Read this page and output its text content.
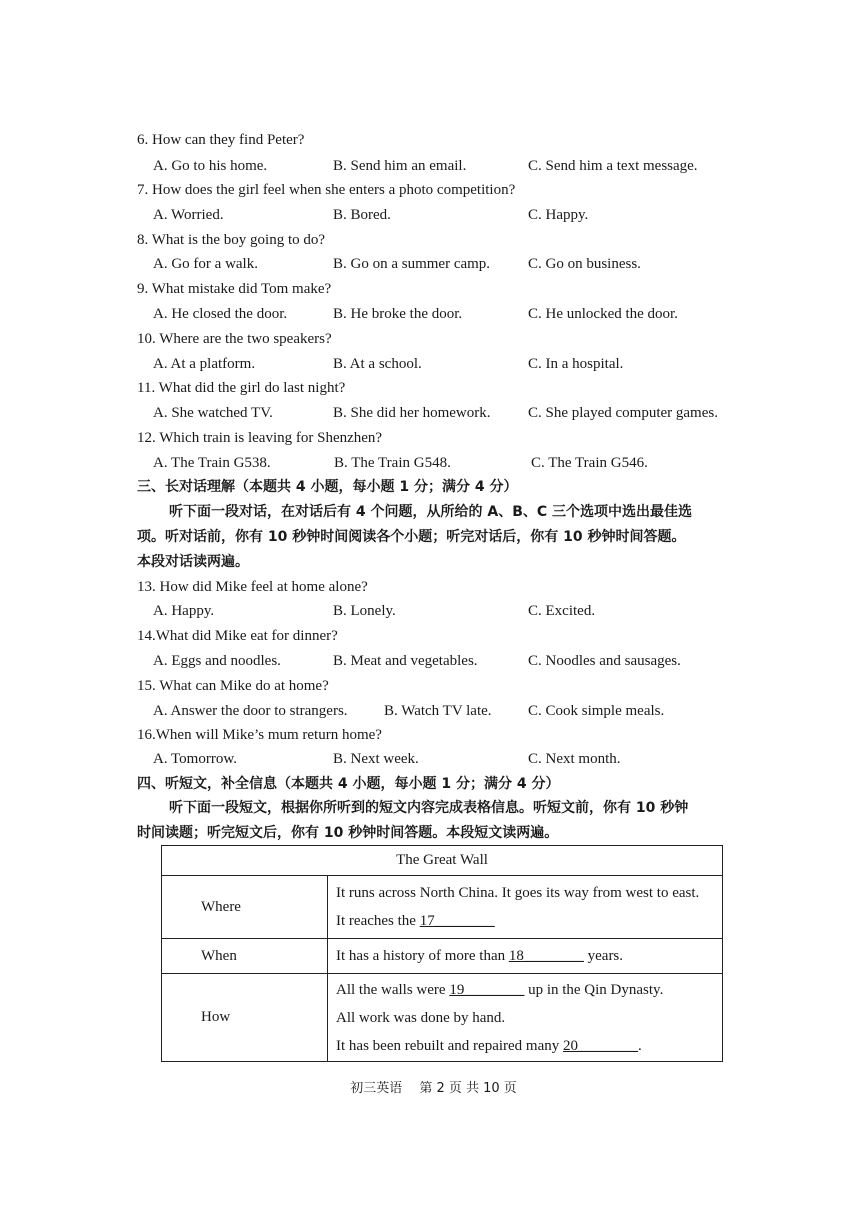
6. How can they find Peter?
A. Go to his home.	B. Send him an email.	C. Send him a text message.
7. How does the girl feel when she enters a photo competition?
A. Worried.	B. Bored.	C. Happy.
8. What is the boy going to do?
A. Go for a walk.	B. Go on a summer camp.	C. Go on business.
9. What mistake did Tom make?
A. He closed the door.	B. He broke the door.	C. He unlocked the door.
10. Where are the two speakers?
A. At a platform.	B. At a school.	C. In a hospital.
11. What did the girl do last night?
A. She watched TV.	B. She did her homework.	C. She played computer games.
12. Which train is leaving for Shenzhen?
A. The Train G538.	B. The Train G548.	C. The Train G546.
三、长对话理解（本题共 4 小题，每小题 1 分；满分 4 分）
听下面一段对话，在对话后有 4 个问题，从所给的 A、B、C 三个选项中选出最佳选
项。听对话前，你有 10 秒钟时间阅读各个小题；听完对话后，你有 10 秒钟时间答题。
本段对话读两遍。
13. How did Mike feel at home alone?
A. Happy.	B. Lonely.	C. Excited.
14.What did Mike eat for dinner?
A. Eggs and noodles.	B. Meat and vegetables.	C. Noodles and sausages.
15. What can Mike do at home?
A. Answer the door to strangers. B. Watch TV late. C. Cook simple meals.
16.When will Mike’s mum return home?
A. Tomorrow.	B. Next week.	C. Next month.
四、听短文，补全信息（本题共 4 小题，每小题 1 分；满分 4 分）
听下面一段短文，根据你所听到的短文内容完成表格信息。听短文前，你有 10 秒钟
时间读题；听完短文后，你有 10 秒钟时间答题。本段短文读两遍。
The Great Wall	
Where	It runs across North China. It goes its way from west to east.
It reaches the 17________

When	It has a history of more than 18________ years.

How	All the walls were 19________ up in the Qin Dynasty.
All work was done by hand.
It has been rebuilt and repaired many 20________.
初三英语　 第 2 页 共 10 页
